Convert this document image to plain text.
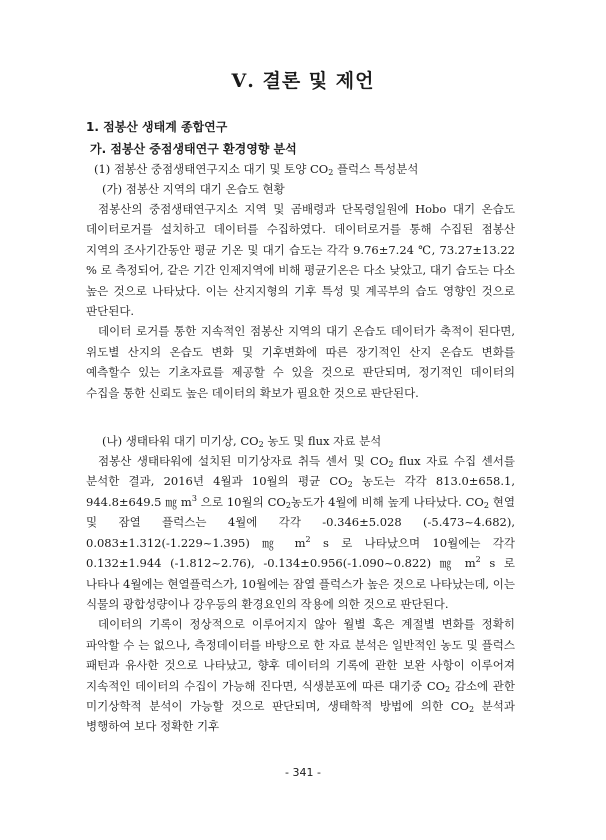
Ⅴ. 결론 및 제언

1. 점봉산 생태계 종합연구

가. 점봉산 중점생태연구 환경영향 분석

(1) 점봉산 중점생태연구지소 대기 및 토양 $CO_2$ 플럭스 특성분석

(가) 점봉산 지역의 대기 온습도 현황

점봉산의 중점생태연구지소 지역 및 곰배령과 단목령일원에 Hobo 대기 온습도 데이터로거를 설치하고 데이터를 수집하였다. 데이터로거를 통해 수집된 점봉산 지역의 조사기간동안 평균 기온 및 대기 습도는 각각 9.76±7.24 ℃, 73.27±13.22 % 로 측정되어, 같은 기간 인제지역에 비해 평균기온은 다소 낮았고, 대기 습도는 다소 높은 것으로 나타났다. 이는 산지지형의 기후 특성 및 계곡부의 습도 영향인 것으로 판단된다.

데이터 로거를 통한 지속적인 점봉산 지역의 대기 온습도 데이터가 축적이 된다면, 위도별 산지의 온습도 변화 및 기후변화에 따른 장기적인 산지 온습도 변화를 예측할수 있는 기초자료를 제공할 수 있을 것으로 판단되며, 정기적인 데이터의 수집을 통한 신뢰도 높은 데이터의 확보가 필요한 것으로 판단된다.

(나) 생태타워 대기 미기상, $CO_2$ 농도 및 flux 자료 분석

점봉산 생태타워에 설치된 미기상자료 취득 센서 및 $CO_2$ flux 자료 수집 센서를 분석한 결과, 2016년 4월과 10월의 평균 $CO_2$ 농도는 각각 813.0±658.1, 944.8±649.5 ㎎ $m^3$ 으로 10월의 $CO_2$농도가 4월에 비해 높게 나타났다. $CO_2$ 현열 및 잠열 플럭스는 4월에 각각 -0.346±5.028 (-5.473~4.682), 0.083±1.312(-1.229~1.395) ㎎ $m^2$ s 로 나타났으며 10월에는 각각 0.132±1.944 (-1.812~2.76), -0.134±0.956(-1.090~0.822) ㎎ $m^2$ s 로 나타나 4월에는 현열플럭스가, 10월에는 잠열 플럭스가 높은 것으로 나타났는데, 이는 식물의 광합성량이나 강우등의 환경요인의 작용에 의한 것으로 판단된다.

데이터의 기록이 정상적으로 이루어지지 않아 월별 혹은 계절별 변화를 정확히 파악할 수 는 없으나, 측정데이터를 바탕으로 한 자료 분석은 일반적인 농도 및 플럭스 패턴과 유사한 것으로 나타났고, 향후 데이터의 기록에 관한 보완 사항이 이루어져 지속적인 데이터의 수집이 가능해 진다면, 식생분포에 따른 대기중 $CO_2$ 감소에 관한 미기상학적 분석이 가능할 것으로 판단되며, 생태학적 방법에 의한 $CO_2$ 분석과 병행하여 보다 정확한 기후

- 341 -
